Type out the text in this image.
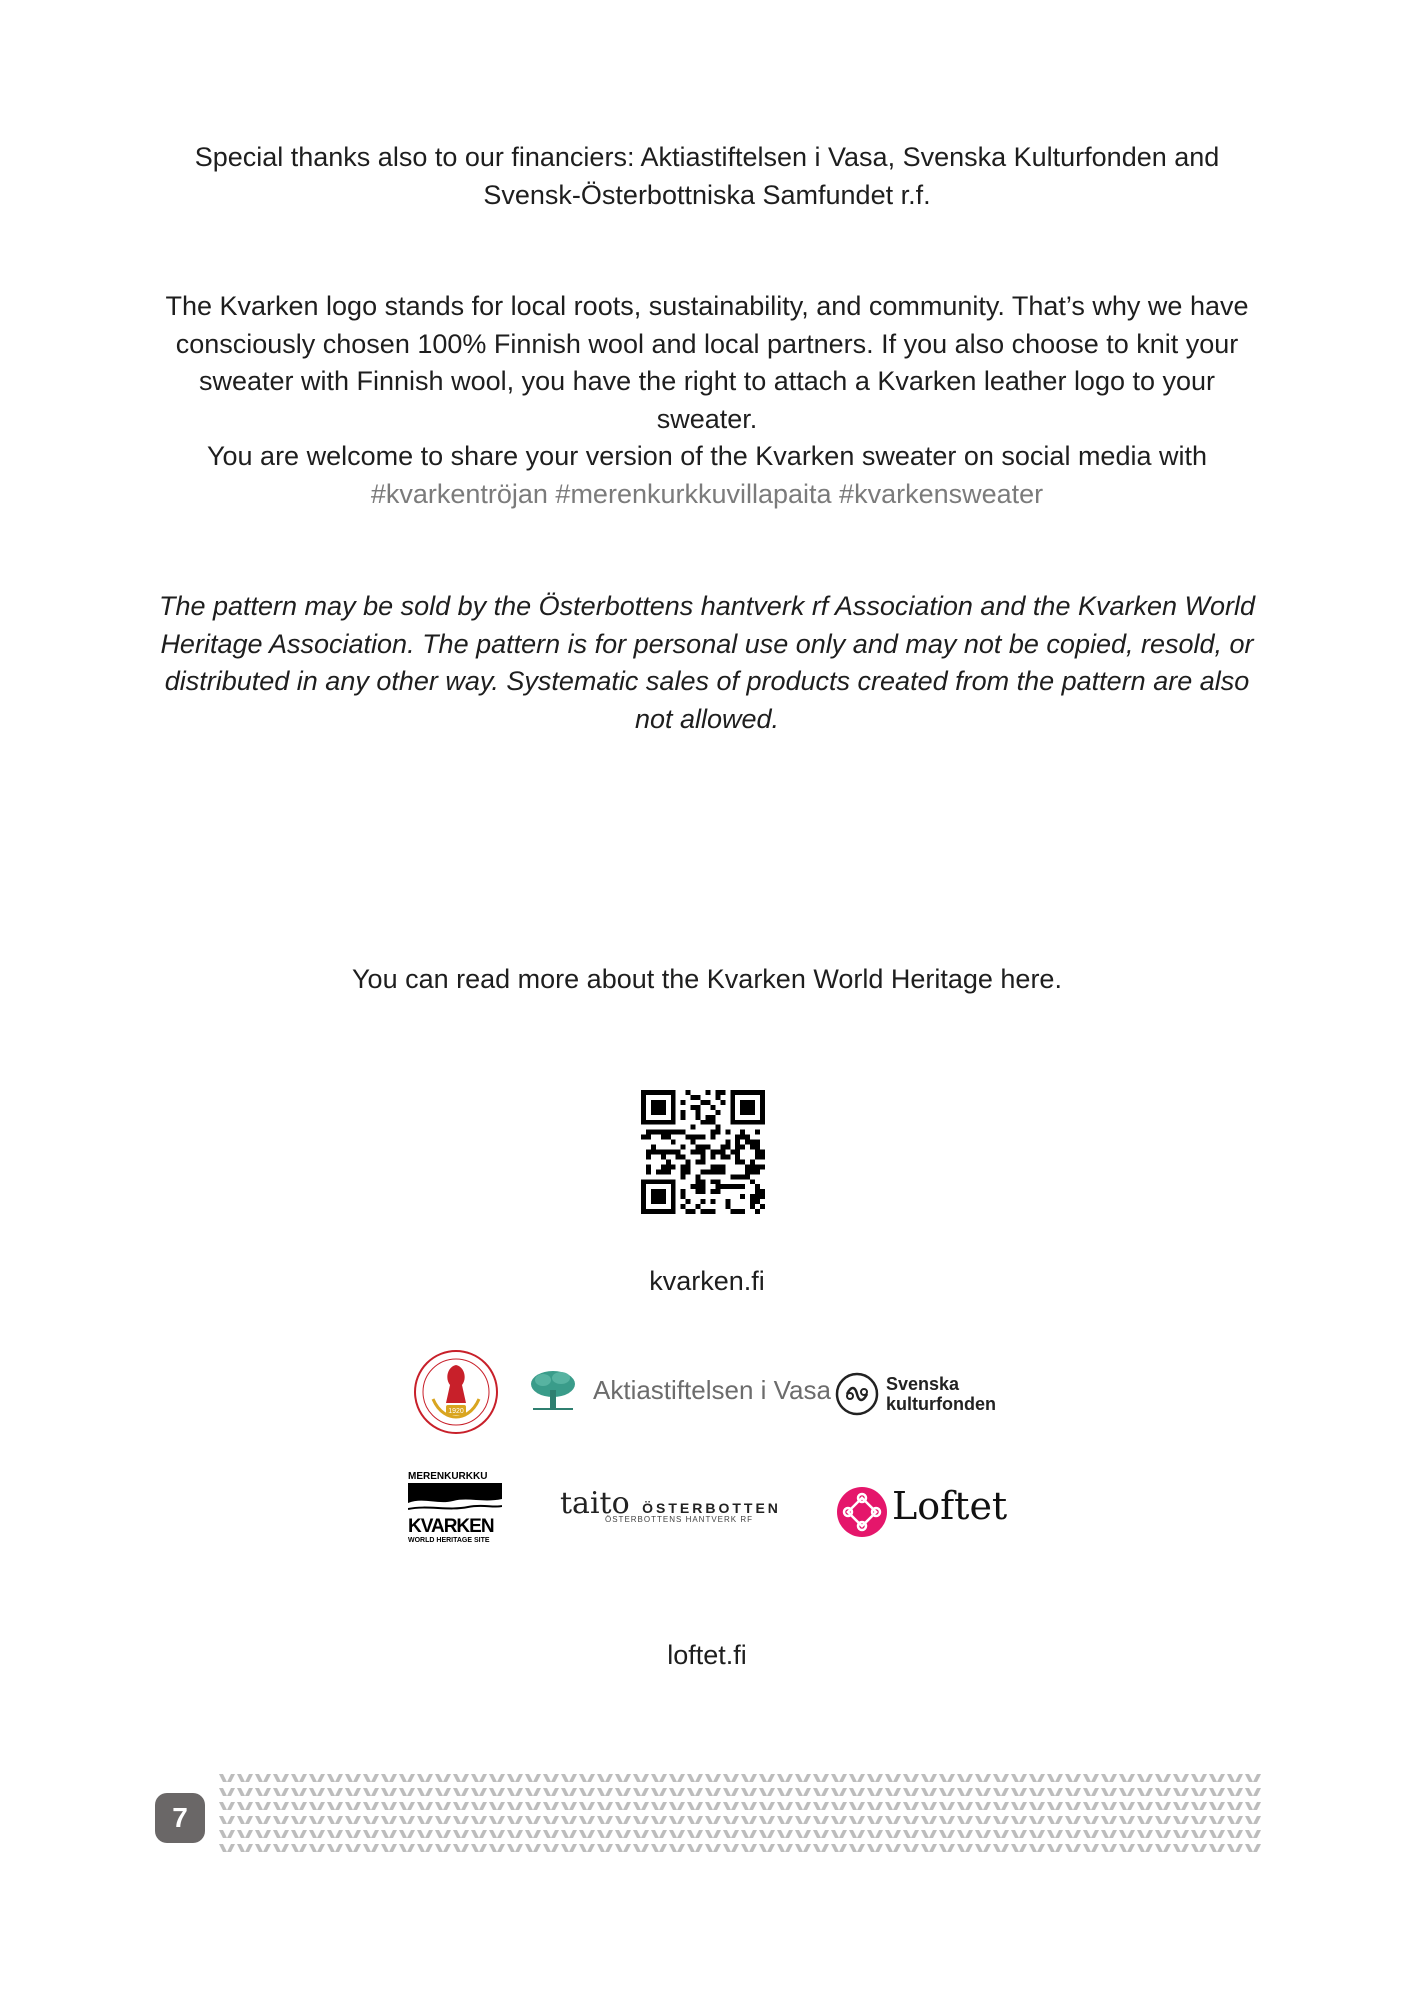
Special thanks also to our financiers: Aktiastiftelsen i Vasa, Svenska Kulturfonden and
Svensk-Österbottniska Samfundet r.f.
The Kvarken logo stands for local roots, sustainability, and community. That’s why we have
consciously chosen 100% Finnish wool and local partners. If you also choose to knit your
sweater with Finnish wool, you have the right to attach a Kvarken leather logo to your
sweater.
You are welcome to share your version of the Kvarken sweater on social media with
#kvarkentröjan #merenkurkkuvillapaita #kvarkensweater
The pattern may be sold by the Österbottens hantverk rf Association and the Kvarken World
Heritage Association. The pattern is for personal use only and may not be copied, resold, or
distributed in any other way. Systematic sales of products created from the pattern are also
not allowed.
You can read more about the Kvarken World Heritage here.
kvarken.fi
1920
Aktiastiftelsen i Vasa	Svenska
kulturfonden
MERENKURKKU
KVARKEN
WORLD HERITAGE SITE
taito ÖSTERBOTTEN
ÖSTERBOTTENS HANTVERK RF	Loftet
loftet.fi
7
